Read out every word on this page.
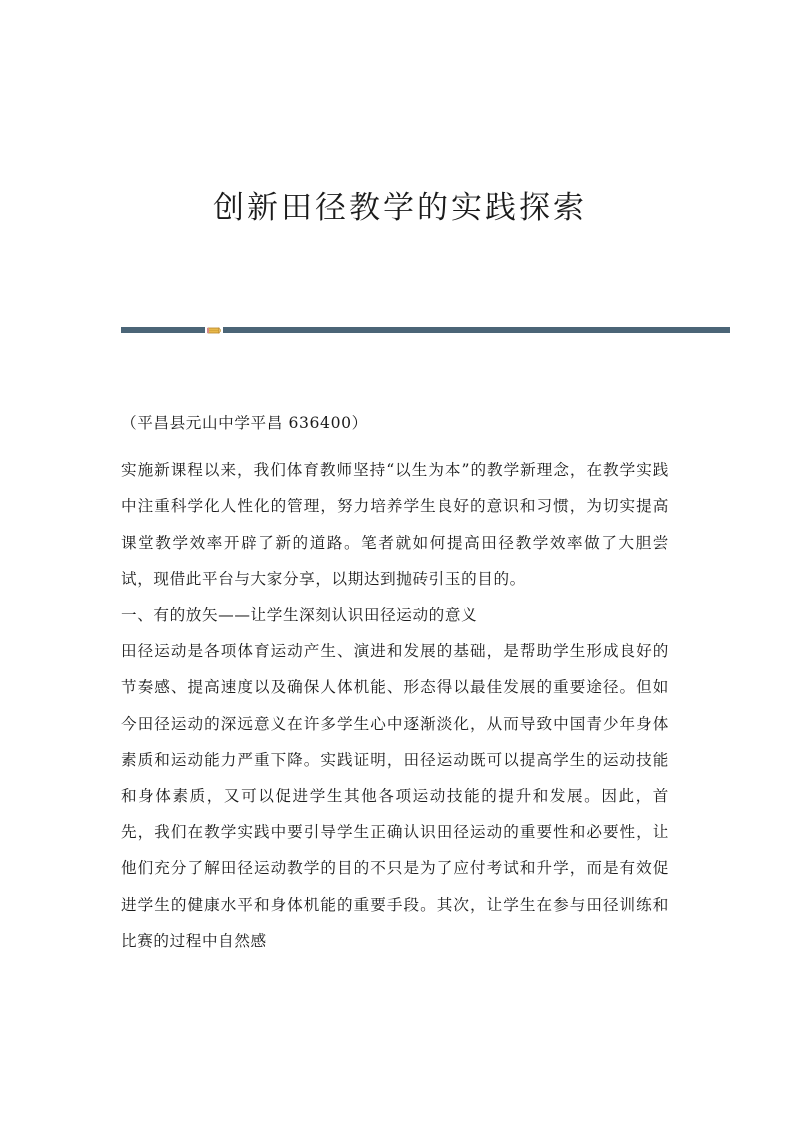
创新田径教学的实践探索

（平昌县元山中学平昌 636400）

实施新课程以来，我们体育教师坚持“以生为本”的教学新理念，在教学实践中注重科学化人性化的管理，努力培养学生良好的意识和习惯，为切实提高课堂教学效率开辟了新的道路。笔者就如何提高田径教学效率做了大胆尝试，现借此平台与大家分享，以期达到抛砖引玉的目的。

一、有的放矢——让学生深刻认识田径运动的意义

田径运动是各项体育运动产生、演进和发展的基础，是帮助学生形成良好的节奏感、提高速度以及确保人体机能、形态得以最佳发展的重要途径。但如今田径运动的深远意义在许多学生心中逐渐淡化，从而导致中国青少年身体素质和运动能力严重下降。实践证明，田径运动既可以提高学生的运动技能和身体素质，又可以促进学生其他各项运动技能的提升和发展。因此，首先，我们在教学实践中要引导学生正确认识田径运动的重要性和必要性，让他们充分了解田径运动教学的目的不只是为了应付考试和升学，而是有效促进学生的健康水平和身体机能的重要手段。其次，让学生在参与田径训练和比赛的过程中自然感
